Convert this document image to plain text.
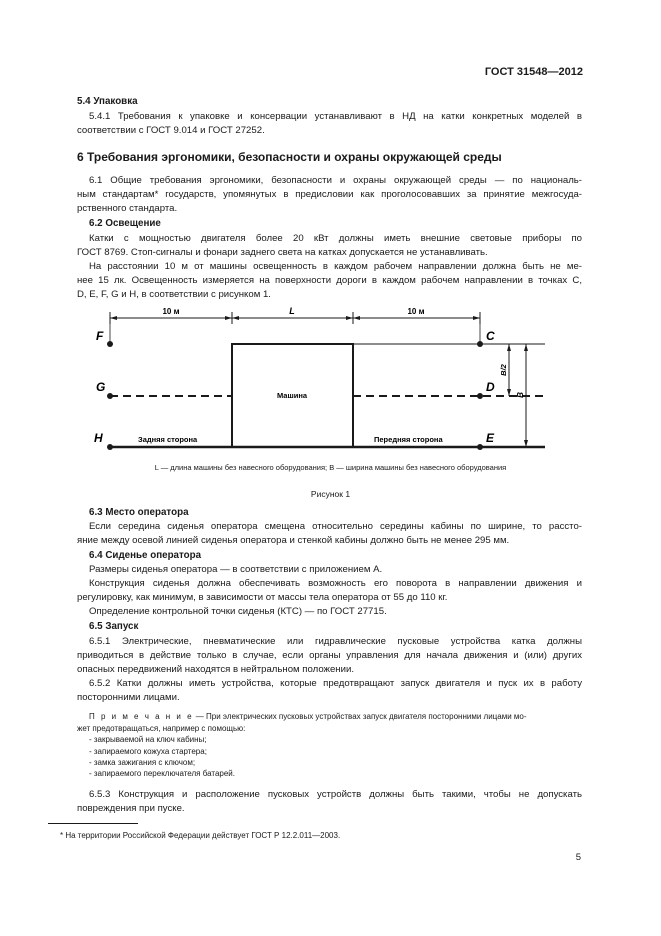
ГОСТ 31548—2012

5.4 Упаковка

5.4.1 Требования к упаковке и консервации устанавливают в НД на катки конкретных моделей в

соответствии с ГОСТ 9.014 и ГОСТ 27252.

6 Требования эргономики, безопасности и охраны окружающей среды

6.1 Общие требования эргономики, безопасности и охраны окружающей среды — по националь-

ным стандартам* государств, упомянутых в предисловии как проголосовавших за принятие межгосуда-

рственного стандарта.

6.2 Освещение

Катки с мощностью двигателя более 20 кВт должны иметь внешние световые приборы по

ГОСТ 8769. Стоп-сигналы и фонари заднего света на катках допускается не устанавливать.

На расстоянии 10 м от машины освещенность в каждом рабочем направлении должна быть не ме-

нее 15 лк. Освещенность измеряется на поверхности дороги в каждом рабочем направлении в точках C,

D, E, F, G и H, в соответствии с рисунком 1.

10 м	L	10 м
Машина
F
G
H
C
D
E
Задняя сторона	Передняя сторона
B/2
B
L — длина машины без навесного оборудования; B — ширина машины без навесного оборудования
Рисунок 1

6.3 Место оператора

Если середина сиденья оператора смещена относительно середины кабины по ширине, то рассто-

яние между осевой линией сиденья оператора и стенкой кабины должно быть не менее 295 мм.

6.4 Сиденье оператора

Размеры сиденья оператора — в соответствии с приложением А.

Конструкция сиденья должна обеспечивать возможность его поворота в направлении движения и

регулировку, как минимум, в зависимости от массы тела оператора от 55 до 110 кг.

Определение контрольной точки сиденья (КТС) — по ГОСТ 27715.

6.5 Запуск

6.5.1 Электрические, пневматические или гидравлические пусковые устройства катка должны

приводиться в действие только в случае, если органы управления для начала движения и (или) других

опасных передвижений находятся в нейтральном положении.

6.5.2 Катки должны иметь устройства, которые предотвращают запуск двигателя и пуск их в работу

посторонними лицами.

П р и м е ч а н и е — При электрических пусковых устройствах запуск двигателя посторонними лицами мо-

жет предотвращаться, например с помощью:

- закрываемой на ключ кабины;
- запираемого кожуха стартера;
- замка зажигания с ключом;
- запираемого переключателя батарей.

6.5.3 Конструкция и расположение пусковых устройств должны быть такими, чтобы не допускать

повреждения при пуске.

* На территории Российской Федерации действует ГОСТ Р 12.2.011—2003.
5
